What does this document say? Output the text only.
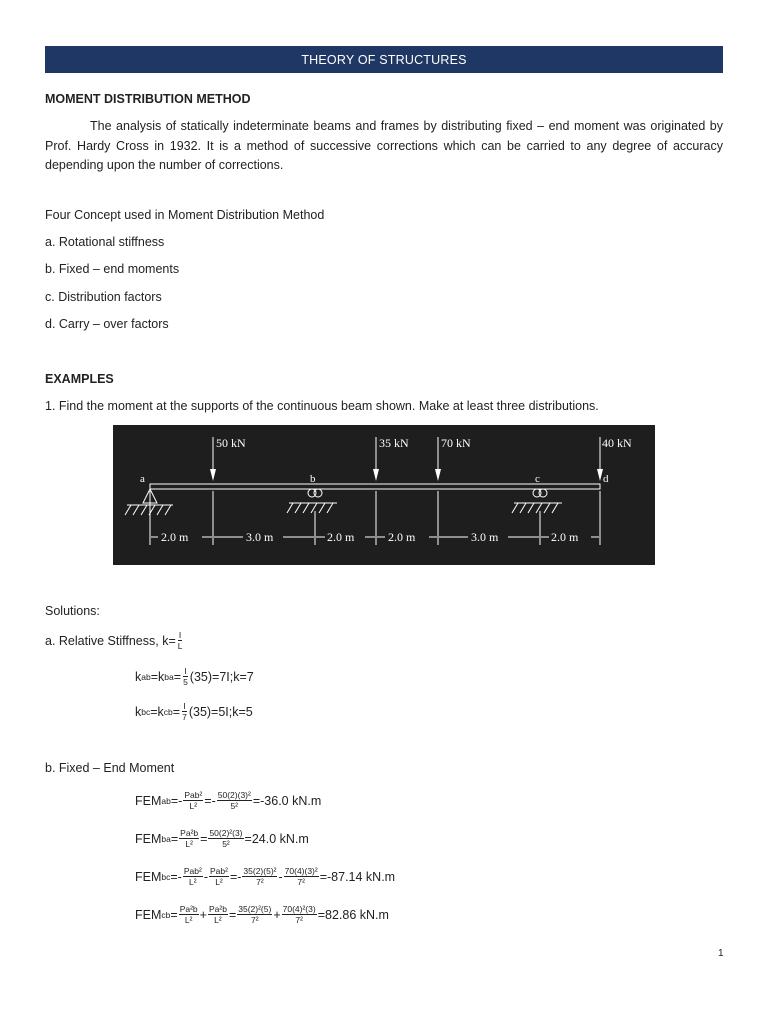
THEORY OF STRUCTURES
MOMENT DISTRIBUTION METHOD
The analysis of statically indeterminate beams and frames by distributing fixed – end moment was originated by Prof. Hardy Cross in 1932. It is a method of successive corrections which can be carried to any degree of accuracy depending upon the number of corrections.
Four Concept used in Moment Distribution Method
a. Rotational stiffness
b. Fixed – end moments
c. Distribution factors
d. Carry – over factors
EXAMPLES
1. Find the moment at the supports of the continuous beam shown. Make at least three distributions.
50 kN	35 kN	70 kN	40 kN
a	b	c	d
2.0 m	3.0 m	2.0 m	2.0 m	3.0 m	2.0 m
Solutions:
a. Relative Stiffness, $k= \frac{I}{L}$
k ab =k ba = $\frac{I}{5}$ (35)=7I;k=7
k bc =k cb = $\frac{I}{7}$ (35)=5I;k=5
b. Fixed – End Moment
FEM ab =- $\frac{\text{Pab²}}{\text{L²}} =- \frac{\text{50(2)(3)²}}{\text{5²}} =-36.0$ kN.m
FEM ba = $\frac{\text{Pa²b}}{\text{L²}} = \frac{\text{50(2)²(3)}}{\text{5²}} =24.0$ kN.m
FEM bc =- $\frac{\text{Pab²}}{\text{L²}} - \frac{\text{Pab²}}{\text{L²}} =- \frac{\text{35(2)(5)²}}{\text{7²}} - \frac{\text{70(4)(3)²}}{\text{7²}} =-87.14$ kN.m
FEM cb = $\frac{\text{Pa²b}}{\text{L²}} + \frac{\text{Pa²b}}{\text{L²}} = \frac{\text{35(2)²(5)}}{\text{7²}} + \frac{\text{70(4)²(3)}}{\text{7²}} =82.86$ kN.m
1
